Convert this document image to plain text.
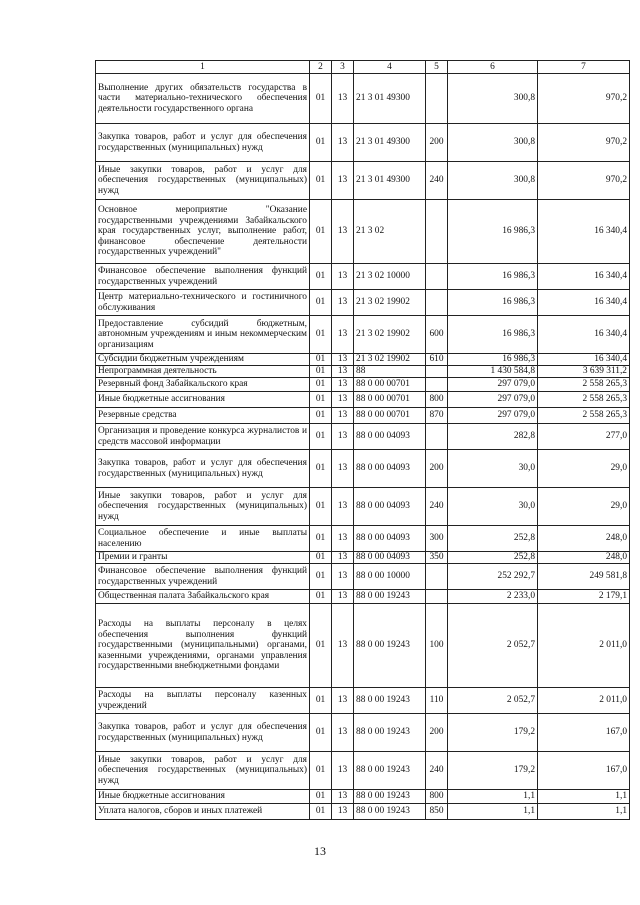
1	2	3	4	5	6	7
Выполнение других обязательств государства в части материально-технического обеспечения деятельности государственного органа	01	13	21 3 01 49300		300,8	970,2
Закупка товаров, работ и услуг для обеспечения государственных (муниципальных) нужд	01	13	21 3 01 49300	200	300,8	970,2
Иные закупки товаров, работ и услуг для обеспечения государственных (муниципальных) нужд	01	13	21 3 01 49300	240	300,8	970,2
Основное мероприятие "Оказание государственными учреждениями Забайкальского края государственных услуг, выполнение работ, финансовое обеспечение деятельности государственных учреждений"	01	13	21 3 02		16 986,3	16 340,4
Финансовое обеспечение выполнения функций государственных учреждений	01	13	21 3 02 10000		16 986,3	16 340,4
Центр материально-технического и гостиничного обслуживания	01	13	21 3 02 19902		16 986,3	16 340,4
Предоставление субсидий бюджетным, автономным учреждениям и иным некоммерческим организациям	01	13	21 3 02 19902	600	16 986,3	16 340,4
Субсидии бюджетным учреждениям	01	13	21 3 02 19902	610	16 986,3	16 340,4
Непрограммная деятельность	01	13	88		1 430 584,8	3 639 311,2
Резервный фонд Забайкальского края	01	13	88 0 00 00701		297 079,0	2 558 265,3
Иные бюджетные ассигнования	01	13	88 0 00 00701	800	297 079,0	2 558 265,3
Резервные средства	01	13	88 0 00 00701	870	297 079,0	2 558 265,3
Организация и проведение конкурса журналистов и средств массовой информации	01	13	88 0 00 04093		282,8	277,0
Закупка товаров, работ и услуг для обеспечения государственных (муниципальных) нужд	01	13	88 0 00 04093	200	30,0	29,0
Иные закупки товаров, работ и услуг для обеспечения государственных (муниципальных) нужд	01	13	88 0 00 04093	240	30,0	29,0
Социальное обеспечение и иные выплаты населению	01	13	88 0 00 04093	300	252,8	248,0
Премии и гранты	01	13	88 0 00 04093	350	252,8	248,0
Финансовое обеспечение выполнения функций государственных учреждений	01	13	88 0 00 10000		252 292,7	249 581,8
Общественная палата Забайкальского края	01	13	88 0 00 19243		2 233,0	2 179,1
Расходы на выплаты персоналу в целях обеспечения выполнения функций государственными (муниципальными) органами, казенными учреждениями, органами управления государственными внебюджетными фондами	01	13	88 0 00 19243	100	2 052,7	2 011,0
Расходы на выплаты персоналу казенных учреждений	01	13	88 0 00 19243	110	2 052,7	2 011,0
Закупка товаров, работ и услуг для обеспечения государственных (муниципальных) нужд	01	13	88 0 00 19243	200	179,2	167,0
Иные закупки товаров, работ и услуг для обеспечения государственных (муниципальных) нужд	01	13	88 0 00 19243	240	179,2	167,0
Иные бюджетные ассигнования	01	13	88 0 00 19243	800	1,1	1,1
Уплата налогов, сборов и иных платежей	01	13	88 0 00 19243	850	1,1	1,1
13
